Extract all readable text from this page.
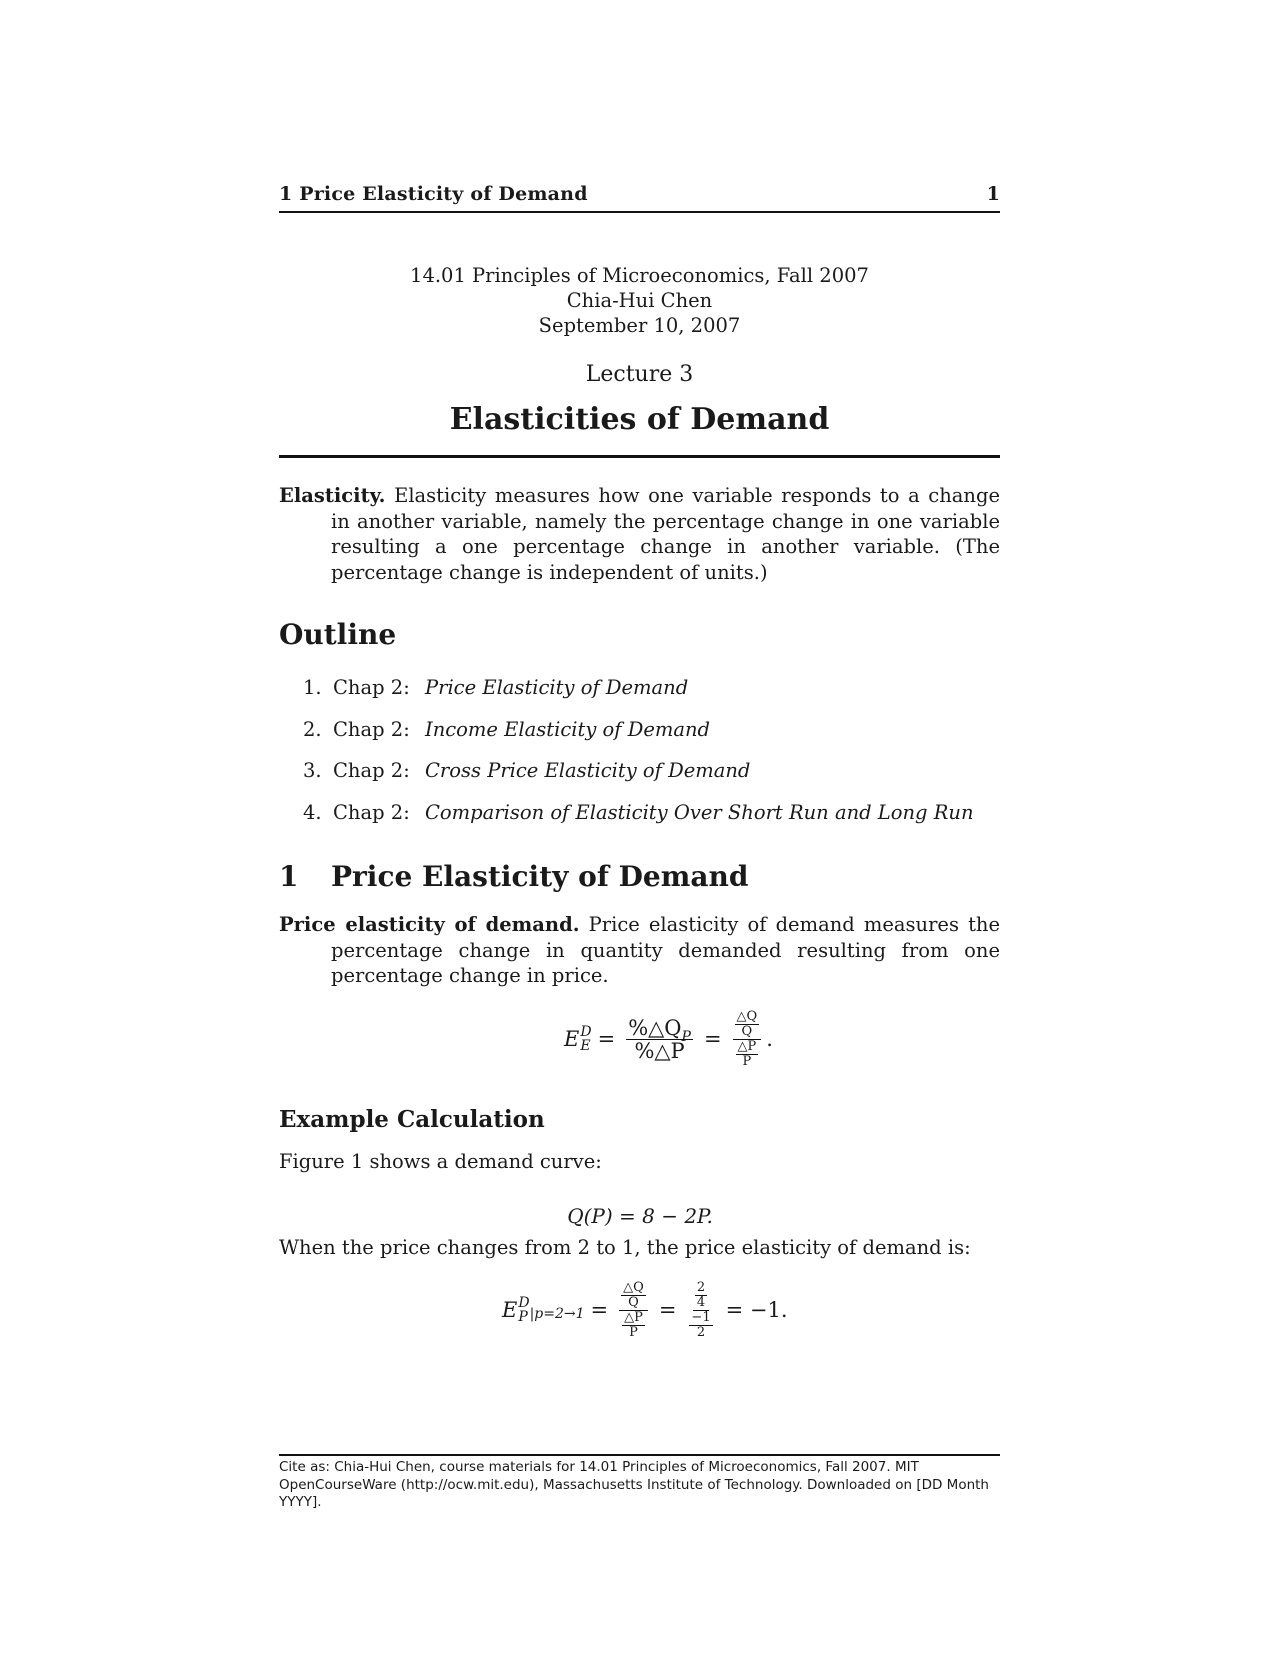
1 Price Elasticity of Demand	1
14.01 Principles of Microeconomics, Fall 2007
Chia-Hui Chen
September 10, 2007
Lecture 3
Elasticities of Demand
Elasticity. Elasticity measures how one variable responds to a change in another variable, namely the percentage change in one variable resulting a one percentage change in another variable. (The percentage change is independent of units.)
Outline
1. Chap 2: Price Elasticity of Demand
2. Chap 2: Income Elasticity of Demand
3. Chap 2: Cross Price Elasticity of Demand
4. Chap 2: Comparison of Elasticity Over Short Run and Long Run
1 Price Elasticity of Demand
Price elasticity of demand. Price elasticity of demand measures the percentage change in quantity demanded resulting from one percentage change in price.
E D
$E = \frac{\%\triangle Q_P}{\%\triangle P} = \frac{\frac{\triangle Q}{Q}}{\frac{\triangle P}{P}}$ .
Example Calculation
Figure 1 shows a demand curve:
Q(P) = 8 − 2P.
When the price changes from 2 to 1, the price elasticity of demand is:
E D
P $|p=2\to 1 = \frac{\frac{\triangle Q}{Q}}{\frac{\triangle P}{P}} = \frac{\frac{2}{4}}{\frac{-1}{2}} = -1$.
Cite as: Chia-Hui Chen, course materials for 14.01 Principles of Microeconomics, Fall 2007. MIT OpenCourseWare (http://ocw.mit.edu), Massachusetts Institute of Technology. Downloaded on [DD Month YYYY].
